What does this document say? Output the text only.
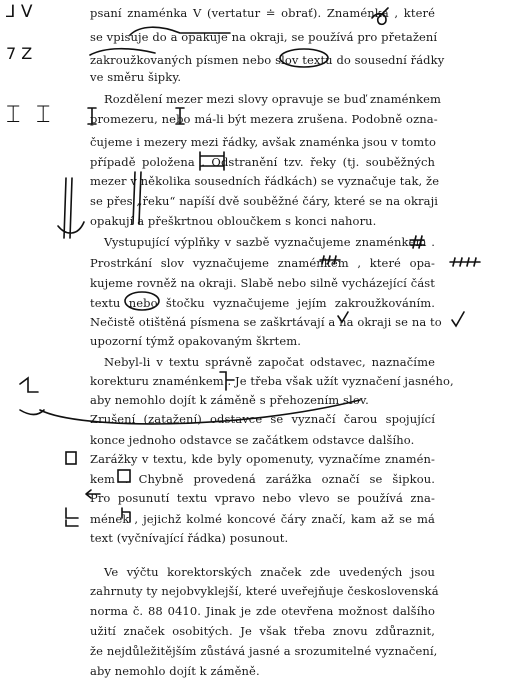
psaní znaménka V (vertatur ≐ obrať). Znaménka , které
se vpisuje do a opakuje na okraji, se používá pro přetažení
zakroužkovaných písmen nebo slov textu do sousední řádky
ve směru šipky.
Rozdělení mezer mezi slovy opravuje se buď znaménkem
promezeru, nebo má-li být mezera zrušena. Podobně ozna-
čujeme i mezery mezi řádky, avšak znaménka jsou v tomto
případě položena . Odstranění tzv. řeky (tj. souběžných
mezer v několika sousedních řádkách) se vyznačuje tak, že
se přes „řeku“ napíší dvě souběžné čáry, které se na okraji
opakují a přeškrtnou obloučkem s konci nahoru.
Vystupující výplňky v sazbě vyznačujeme znaménkem .
Prostrkání slov vyznačujeme znaménkem , které opa-
kujeme rovněž na okraji. Slabě nebo silně vycházející část
textu nebo štočku vyznačujeme jejím zakroužkováním.
Nečistě otištěná písmena se zaškrtávají a na okraji se na to
upozorní týmž opakovaným škrtem.
Nebyl-li v textu správně započat odstavec, naznačíme
korekturu znaménkem . Je třeba však užít vyznačení jasného,
aby nemohlo dojít k záměně s přehozením slov.
Zrušení (zatažení) odstavce se vyznačí čarou spojující
konce jednoho odstavce se začátkem odstavce dalšího.
Zarážky v textu, kde byly opomenuty, vyznačíme znamén-
kem . Chybně provedená zarážka označí se šipkou.
Pro posunutí textu vpravo nebo vlevo se používá zna-
mének , jejichž kolmé koncové čáry značí, kam až se má
text (vyčnívající řádka) posunout.
Ve výčtu korektorských značek zde uvedených jsou
zahrnuty ty nejobvyklejší, které uveřejňuje československá
norma č. 88 0410. Jinak je zde otevřena možnost dalšího
užití značek osobitých. Je však třeba znovu zdůraznit,
že nejdůležitějším zůstává jasné a srozumitelné vyznačení,
aby nemohlo dojít k záměně.
⅃ V
7 Z
⌶ ⌶
